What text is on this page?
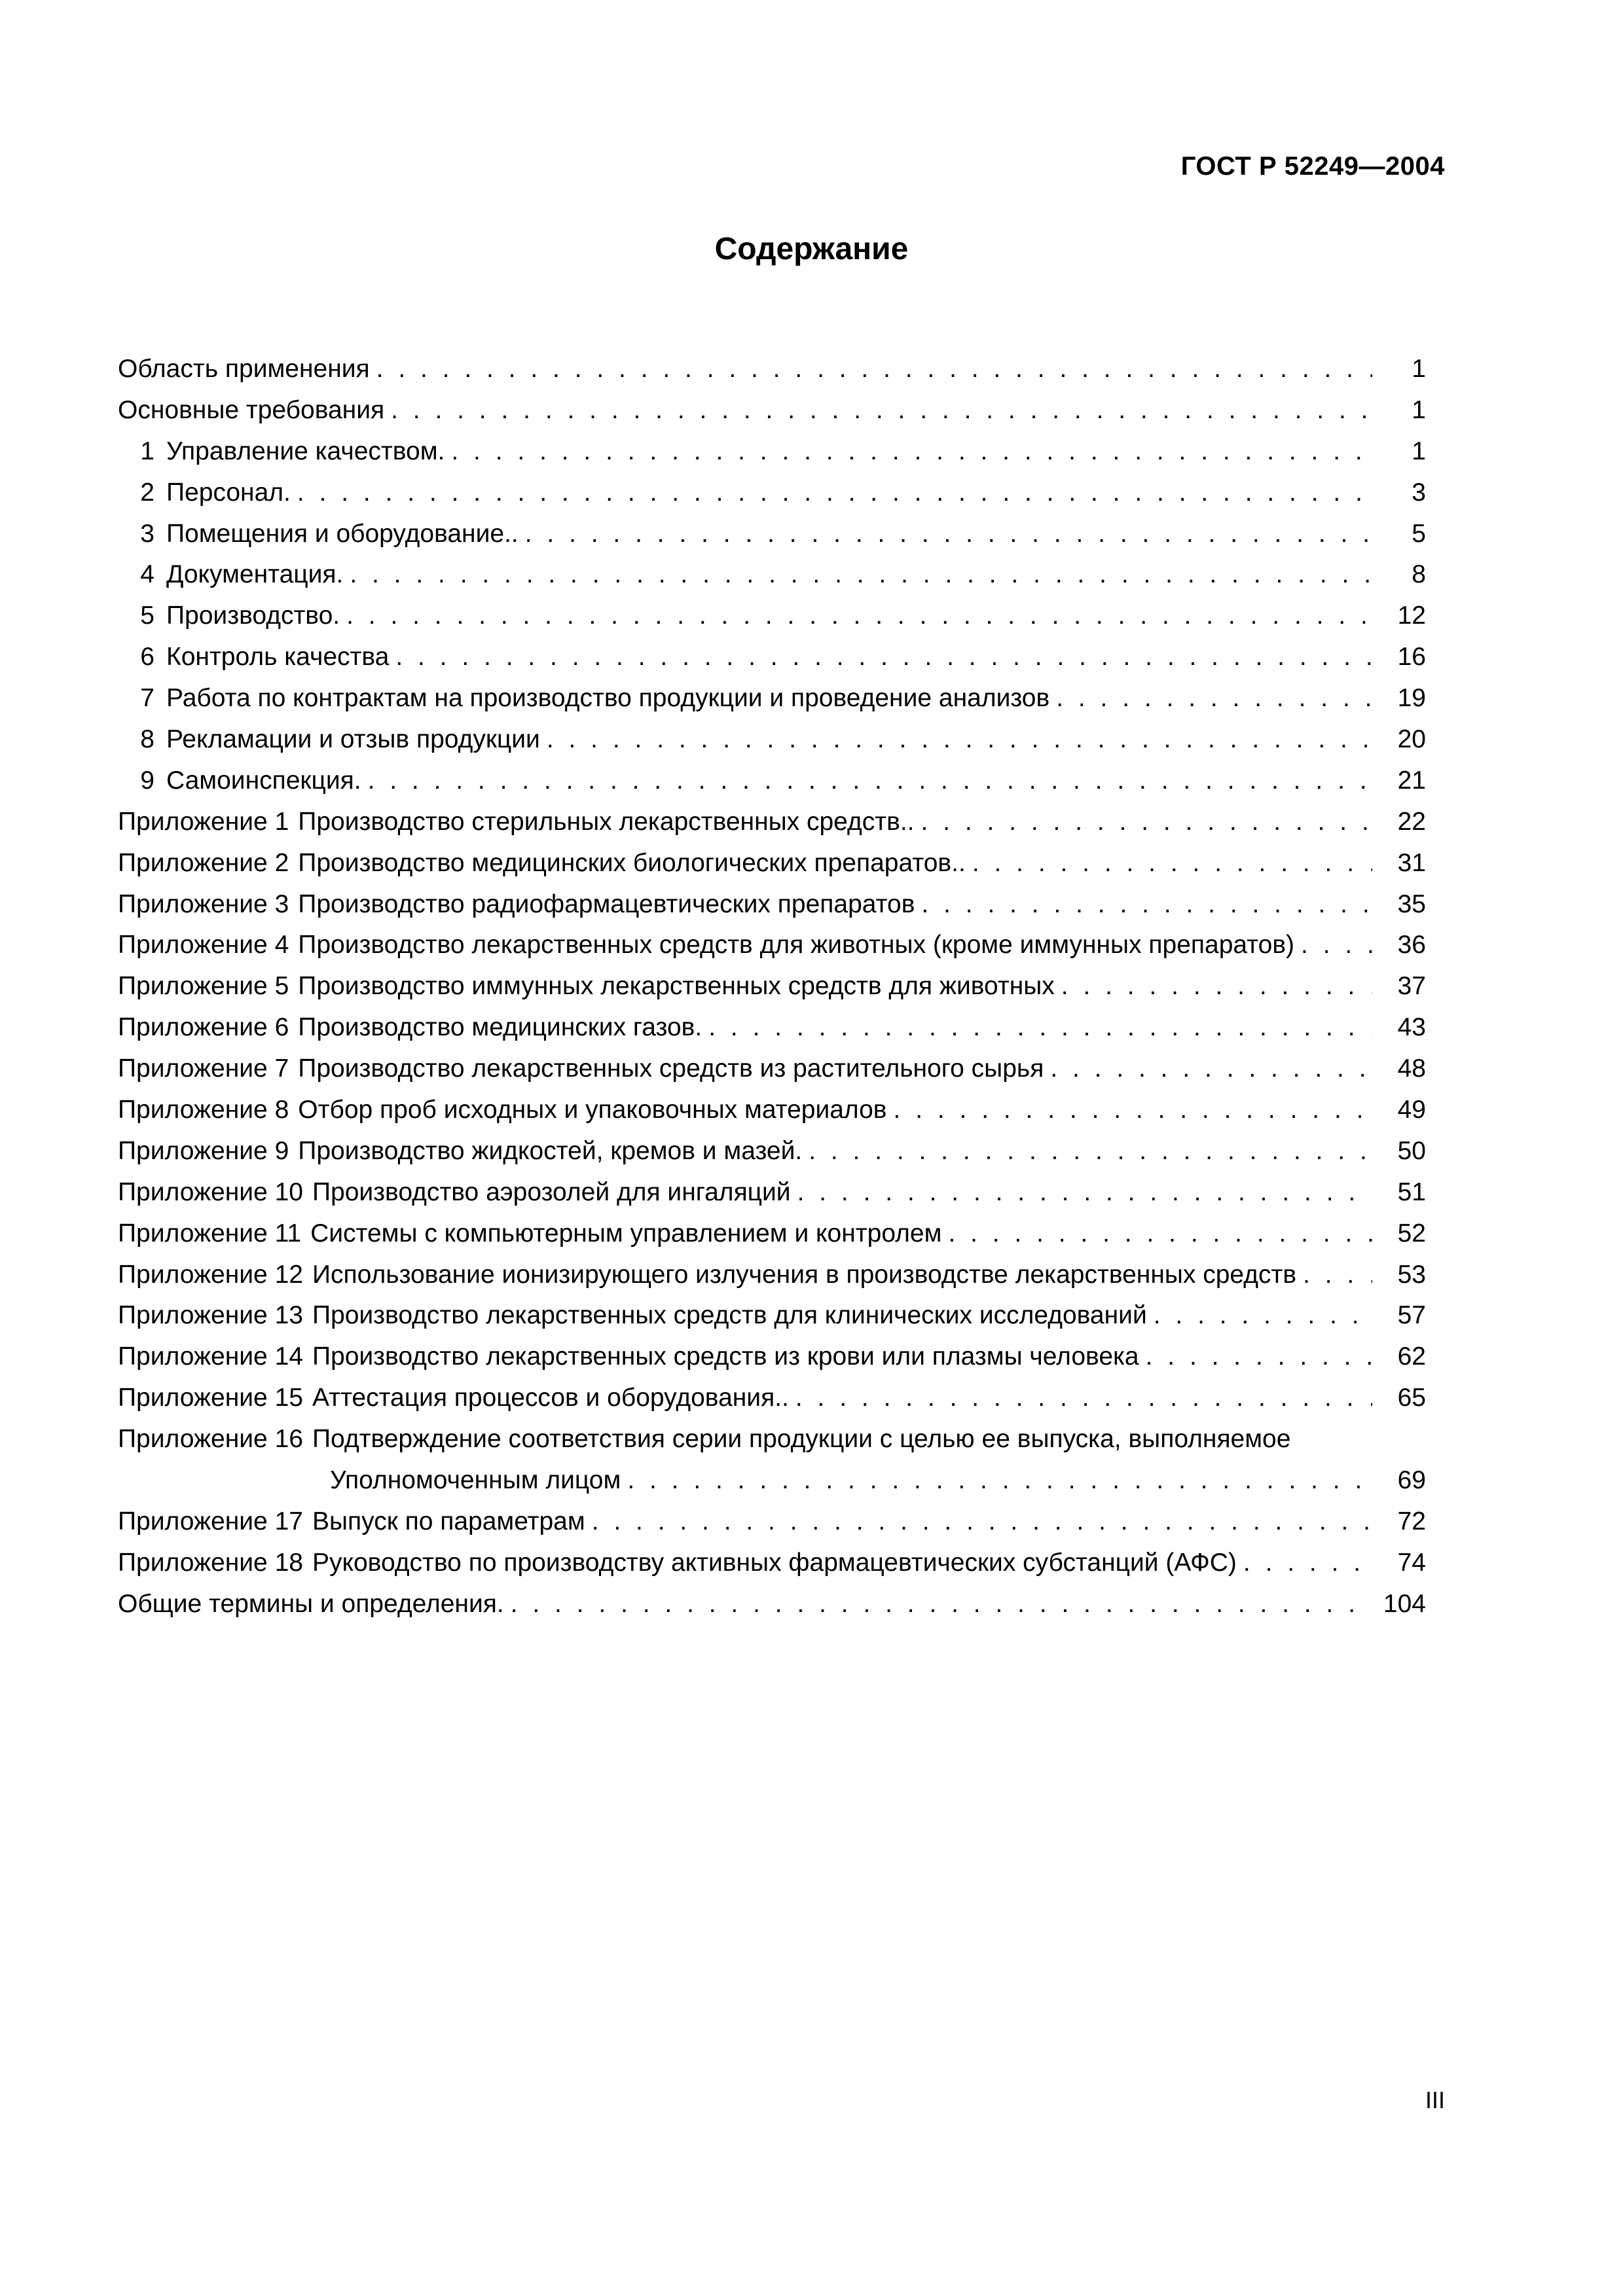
ГОСТ Р 52249—2004
Содержание
Область применения . . .	1
Основные требования . . .	1
1 Управление качеством. . . .	1
2 Персонал. . . .	3
3 Помещения и оборудование.. . . .	5
4 Документация. . . .	8
5 Производство. . . .	12
6 Контроль качества . . .	16
7 Работа по контрактам на производство продукции и проведение анализов . . .	19
8 Рекламации и отзыв продукции . . .	20
9 Самоинспекция. . . .	21
Приложение 1 Производство стерильных лекарственных средств.. . . .	22
Приложение 2 Производство медицинских биологических препаратов.. . . .	31
Приложение 3 Производство радиофармацевтических препаратов . . .	35
Приложение 4 Производство лекарственных средств для животных (кроме иммунных препаратов) . . .	36
Приложение 5 Производство иммунных лекарственных средств для животных . . .	37
Приложение 6 Производство медицинских газов. . . .	43
Приложение 7 Производство лекарственных средств из растительного сырья . . .	48
Приложение 8 Отбор проб исходных и упаковочных материалов . . .	49
Приложение 9 Производство жидкостей, кремов и мазей. . . .	50
Приложение 10 Производство аэрозолей для ингаляций . . .	51
Приложение 11 Системы с компьютерным управлением и контролем . . .	52
Приложение 12 Использование ионизирующего излучения в производстве лекарственных средств . . .	53
Приложение 13 Производство лекарственных средств для клинических исследований . . .	57
Приложение 14 Производство лекарственных средств из крови или плазмы человека . . .	62
Приложение 15 Аттестация процессов и оборудования.. . . .	65
Приложение 16 Подтверждение соответствия серии продукции с целью ее выпуска, выполняемое
Уполномоченным лицом . . .	69
Приложение 17 Выпуск по параметрам . . .	72
Приложение 18 Руководство по производству активных фармацевтических субстанций (АФС) . . .	74
Общие термины и определения. . . .	104
III
